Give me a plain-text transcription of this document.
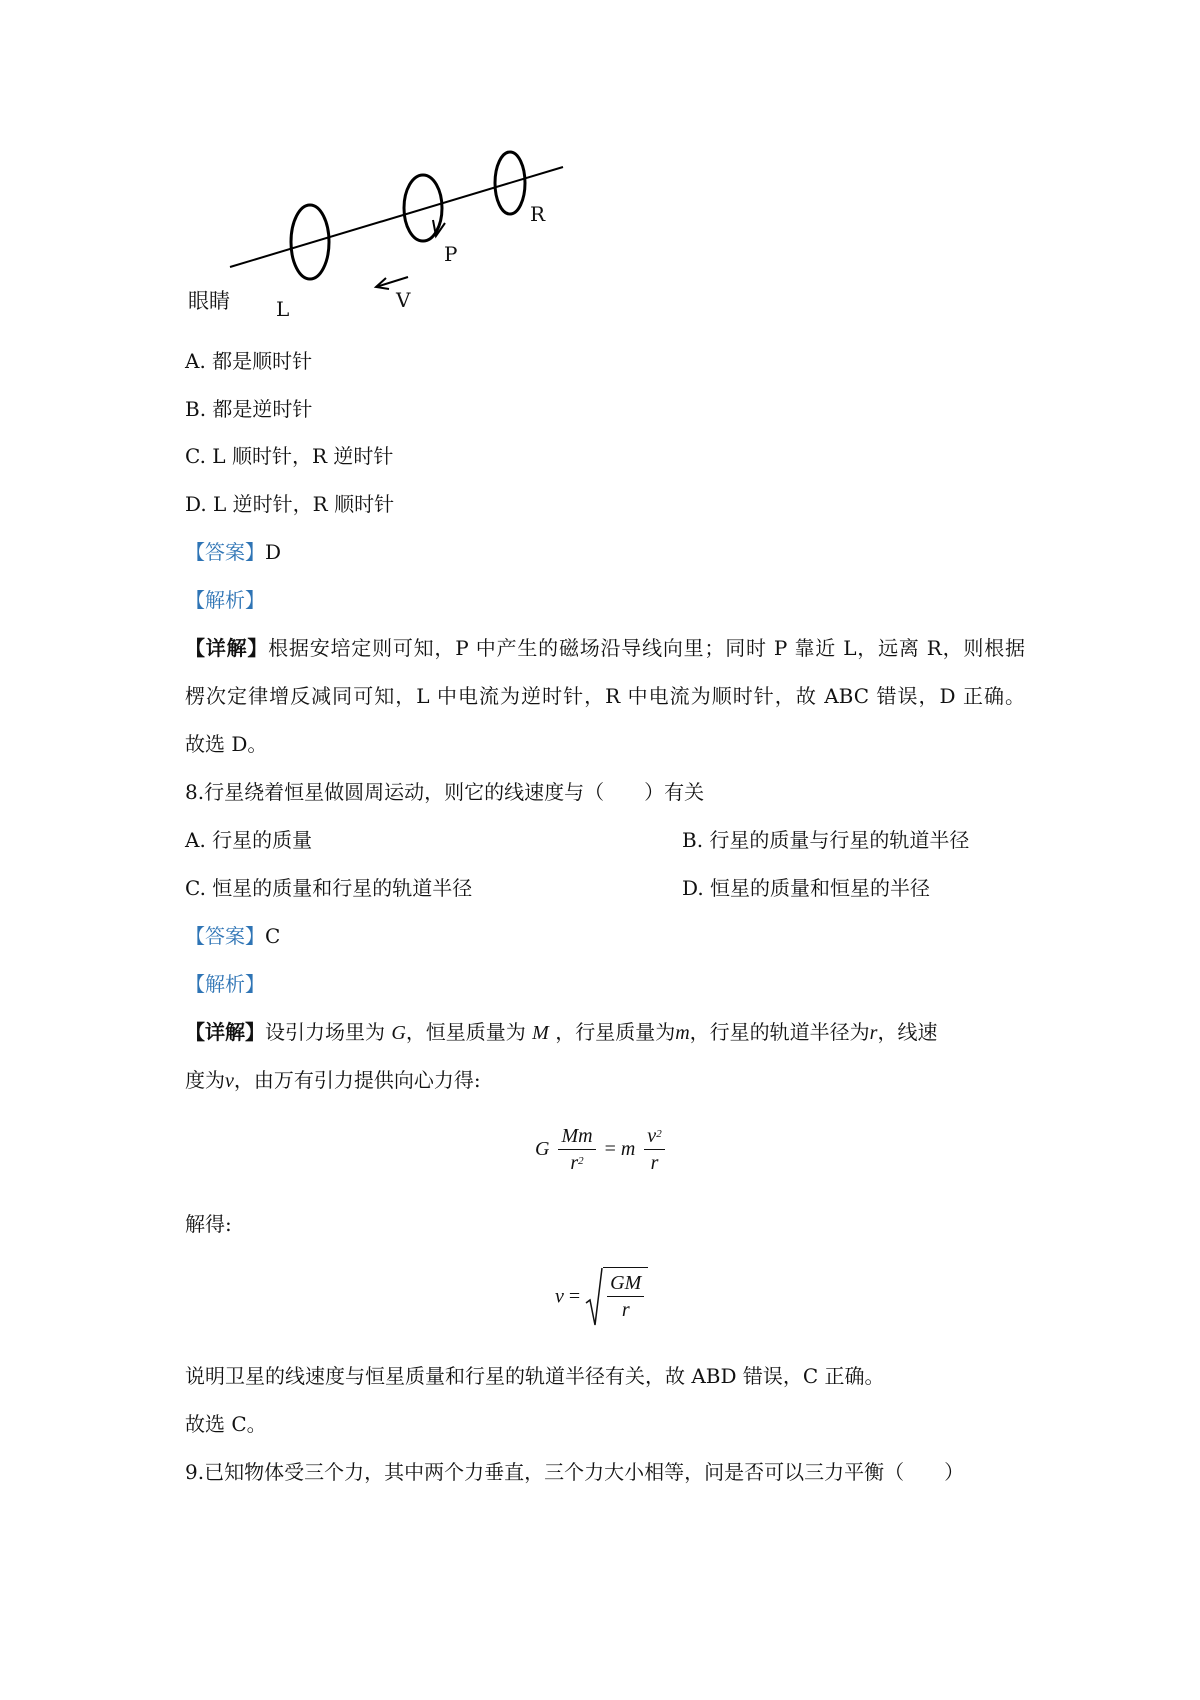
眼睛 L
P
R
V
A. 都是顺时针
B. 都是逆时针
C. L 顺时针，R 逆时针
D. L 逆时针，R 顺时针
【答案】D
【解析】
【详解】根据安培定则可知，P 中产生的磁场沿导线向里；同时 P 靠近 L，远离 R，则根据
楞次定律增反减同可知，L 中电流为逆时针，R 中电流为顺时针，故 ABC 错误，D 正确。
故选 D。
8.行星绕着恒星做圆周运动，则它的线速度与（　　）有关
A. 行星的质量	B. 行星的质量与行星的轨道半径
C. 恒星的质量和行星的轨道半径	D. 恒星的质量和恒星的半径
【答案】C
【解析】
【详解】设引力场里为 G，恒星质量为 M ，行星质量为m，行星的轨道半径为r，线速
度为v，由万有引力提供向心力得:
G $\frac{Mm}{r^2} = m \frac{v^2}{r}$
解得:
$v = \frac{GM}{r}$
说明卫星的线速度与恒星质量和行星的轨道半径有关，故 ABD 错误，C 正确。
故选 C。
9.已知物体受三个力，其中两个力垂直，三个力大小相等，问是否可以三力平衡（　　）
